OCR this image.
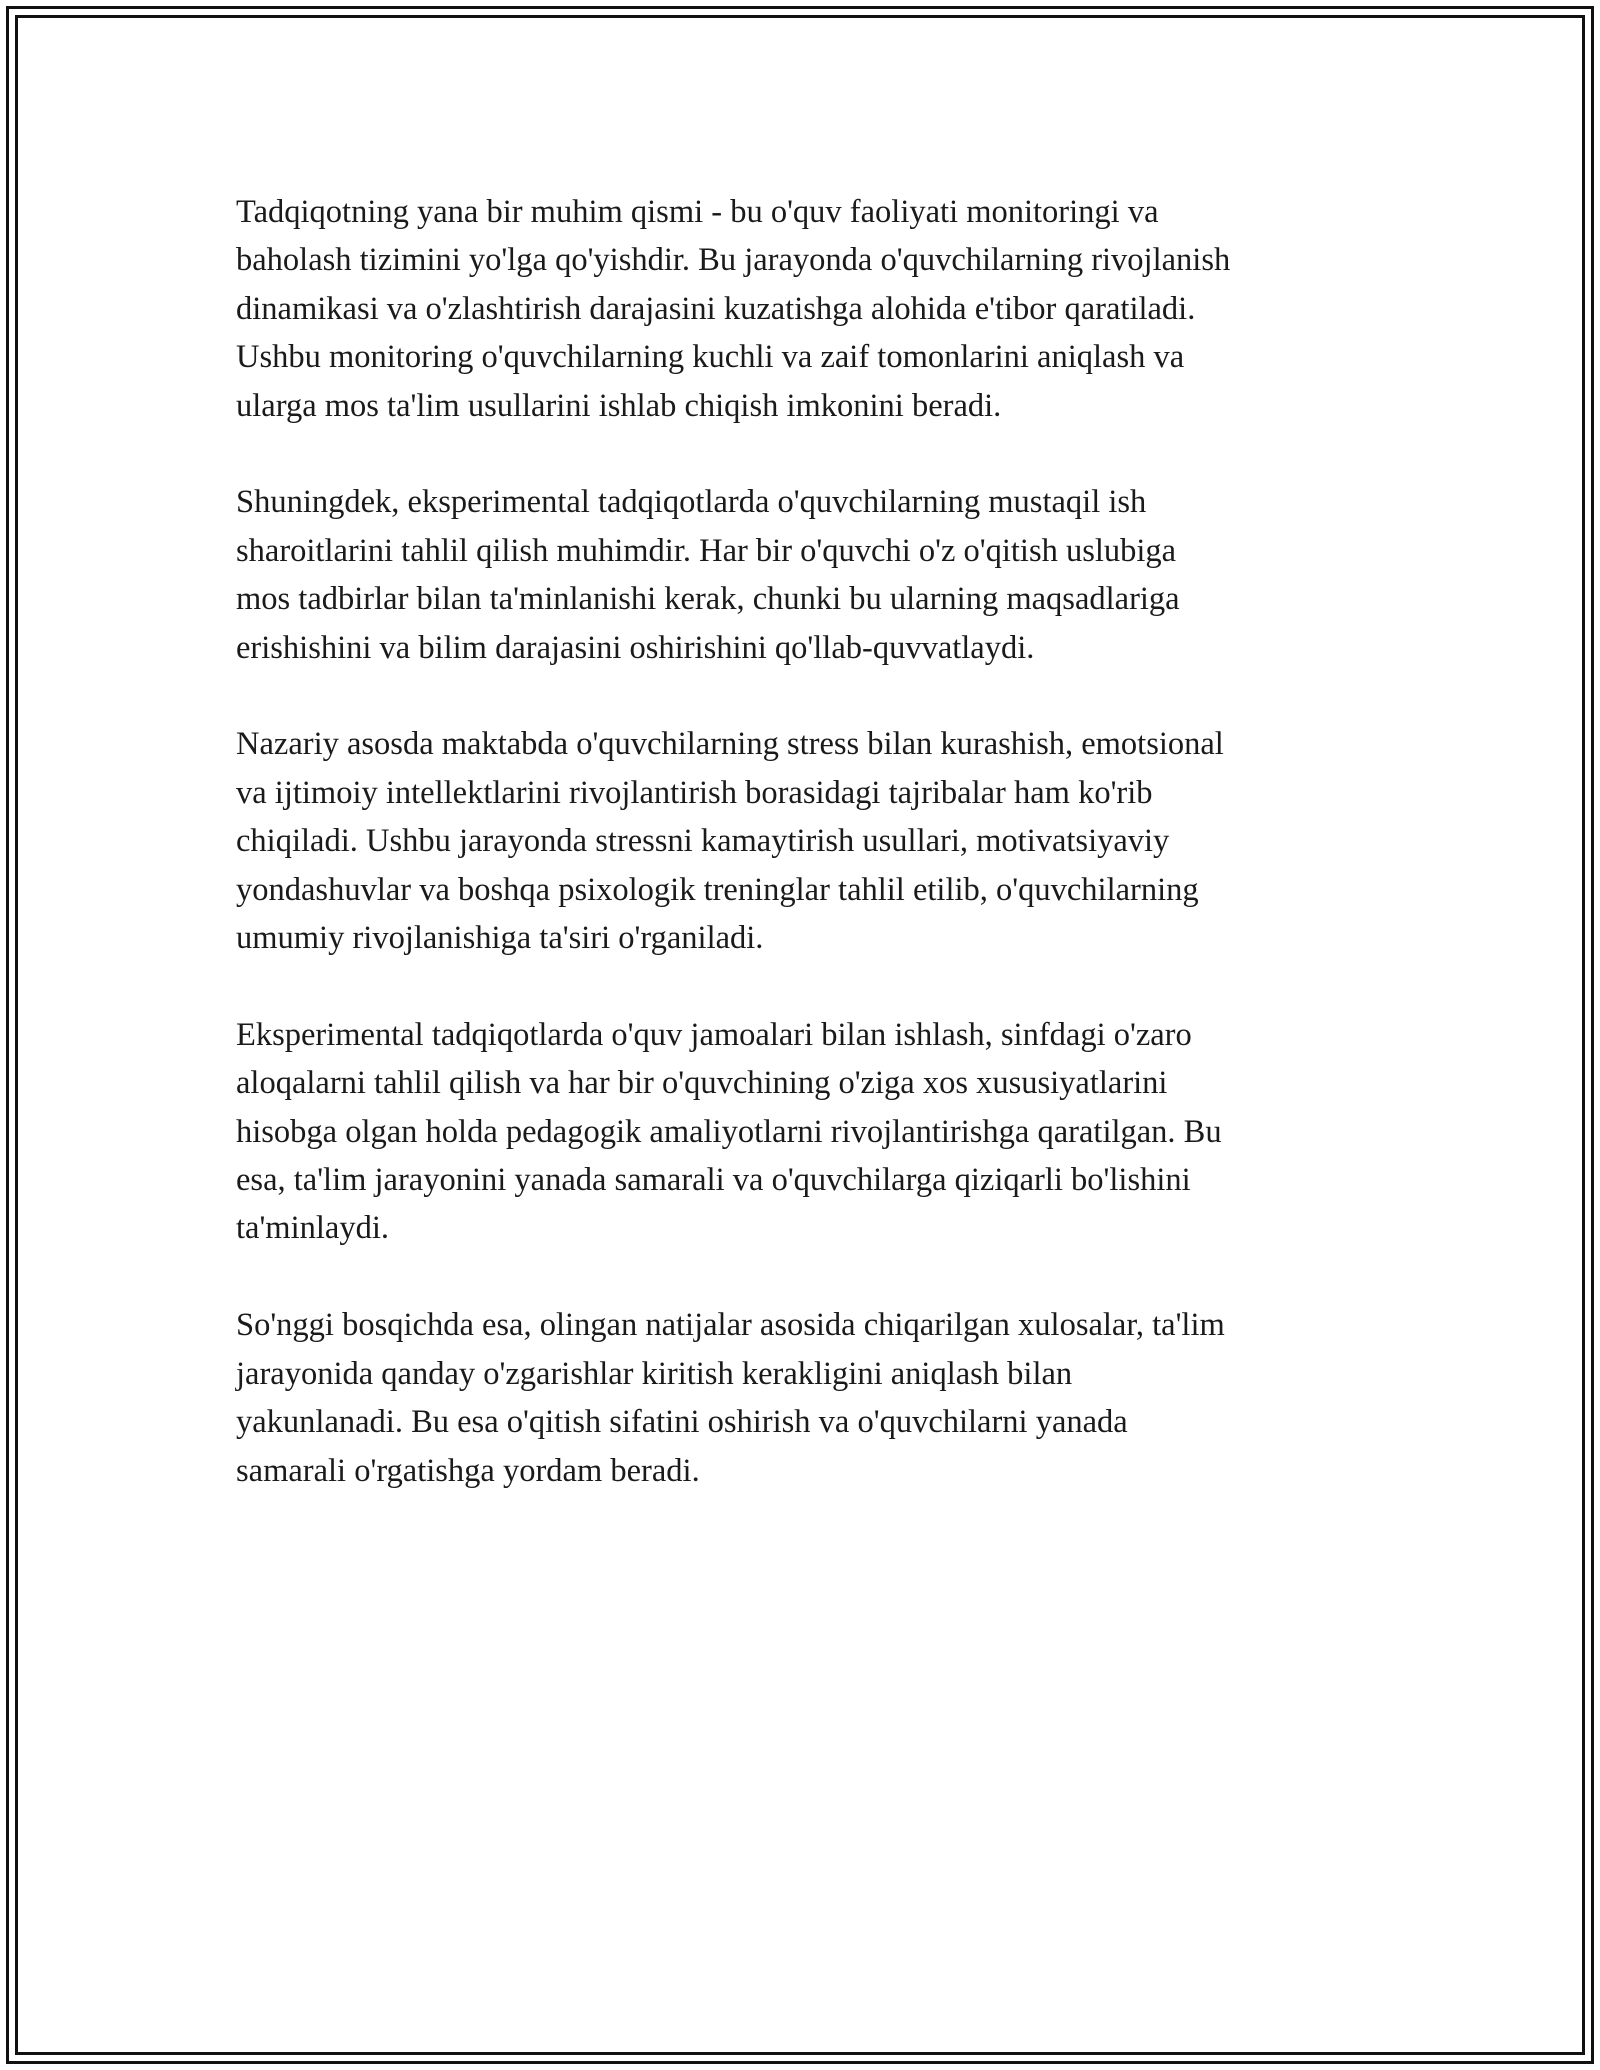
Tadqiqotning yana bir muhim qismi - bu o'quv faoliyati monitoringi va
baholash tizimini yo'lga qo'yishdir. Bu jarayonda o'quvchilarning rivojlanish
dinamikasi va o'zlashtirish darajasini kuzatishga alohida e'tibor qaratiladi.
Ushbu monitoring o'quvchilarning kuchli va zaif tomonlarini aniqlash va
ularga mos ta'lim usullarini ishlab chiqish imkonini beradi.

Shuningdek, eksperimental tadqiqotlarda o'quvchilarning mustaqil ish
sharoitlarini tahlil qilish muhimdir. Har bir o'quvchi o'z o'qitish uslubiga
mos tadbirlar bilan ta'minlanishi kerak, chunki bu ularning maqsadlariga
erishishini va bilim darajasini oshirishini qo'llab-quvvatlaydi.

Nazariy asosda maktabda o'quvchilarning stress bilan kurashish, emotsional
va ijtimoiy intellektlarini rivojlantirish borasidagi tajribalar ham ko'rib
chiqiladi. Ushbu jarayonda stressni kamaytirish usullari, motivatsiyaviy
yondashuvlar va boshqa psixologik treninglar tahlil etilib, o'quvchilarning
umumiy rivojlanishiga ta'siri o'rganiladi.

Eksperimental tadqiqotlarda o'quv jamoalari bilan ishlash, sinfdagi o'zaro
aloqalarni tahlil qilish va har bir o'quvchining o'ziga xos xususiyatlarini
hisobga olgan holda pedagogik amaliyotlarni rivojlantirishga qaratilgan. Bu
esa, ta'lim jarayonini yanada samarali va o'quvchilarga qiziqarli bo'lishini
ta'minlaydi.

So'nggi bosqichda esa, olingan natijalar asosida chiqarilgan xulosalar, ta'lim
jarayonida qanday o'zgarishlar kiritish kerakligini aniqlash bilan
yakunlanadi. Bu esa o'qitish sifatini oshirish va o'quvchilarni yanada
samarali o'rgatishga yordam beradi.
